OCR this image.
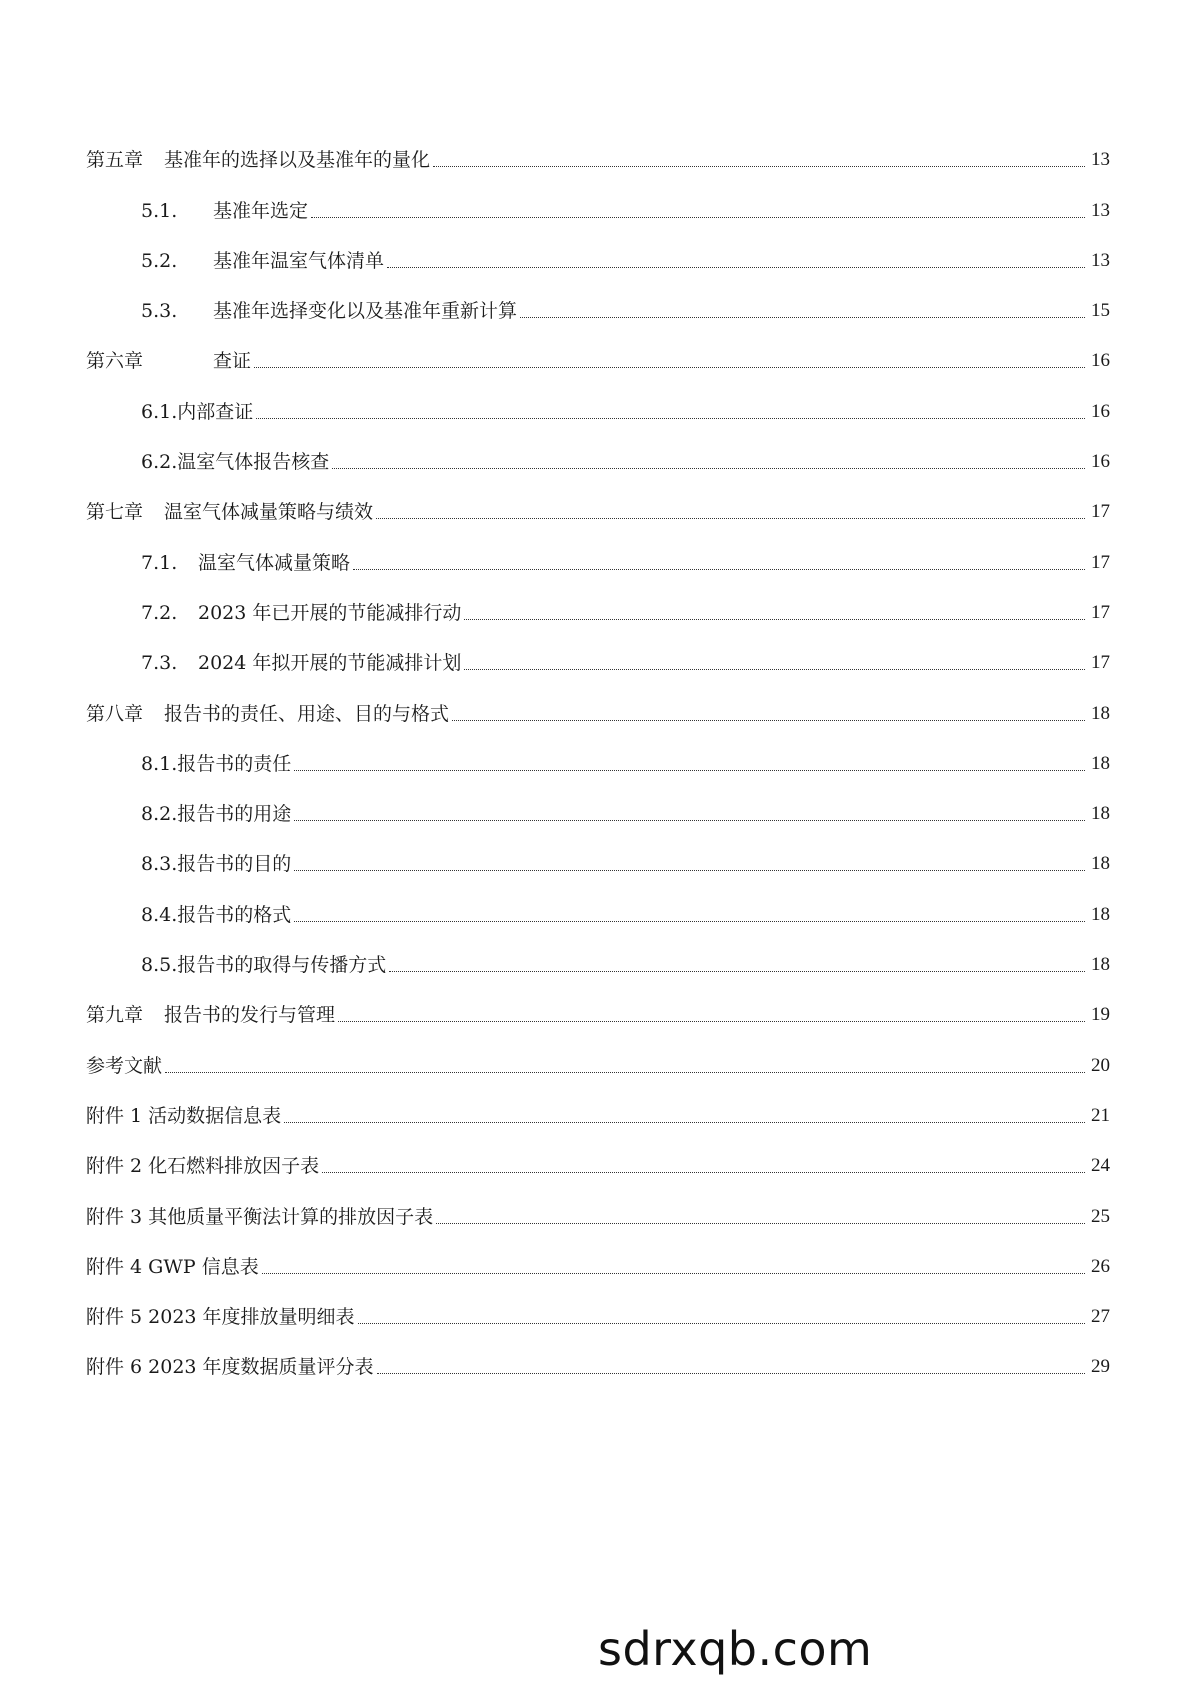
第五章 基准年的选择以及基准年的量化	13
5.1. 基准年选定	13
5.2. 基准年温室气体清单	13
5.3. 基准年选择变化以及基准年重新计算	15
第六章	查证	16
6.1.内部查证	16
6.2.温室气体报告核查	16
第七章 温室气体减量策略与绩效	17
7.1. 温室气体减量策略	17
7.2. 2023 年已开展的节能减排行动	17
7.3. 2024 年拟开展的节能减排计划	17
第八章 报告书的责任、用途、目的与格式	18
8.1.报告书的责任	18
8.2.报告书的用途	18
8.3.报告书的目的	18
8.4.报告书的格式	18
8.5.报告书的取得与传播方式	18
第九章 报告书的发行与管理	19
参考文献	20
附件 1 活动数据信息表	21
附件 2 化石燃料排放因子表	24
附件 3 其他质量平衡法计算的排放因子表	25
附件 4 GWP 信息表	26
附件 5 2023 年度排放量明细表	27
附件 6 2023 年度数据质量评分表	29
sdrxqb.com
